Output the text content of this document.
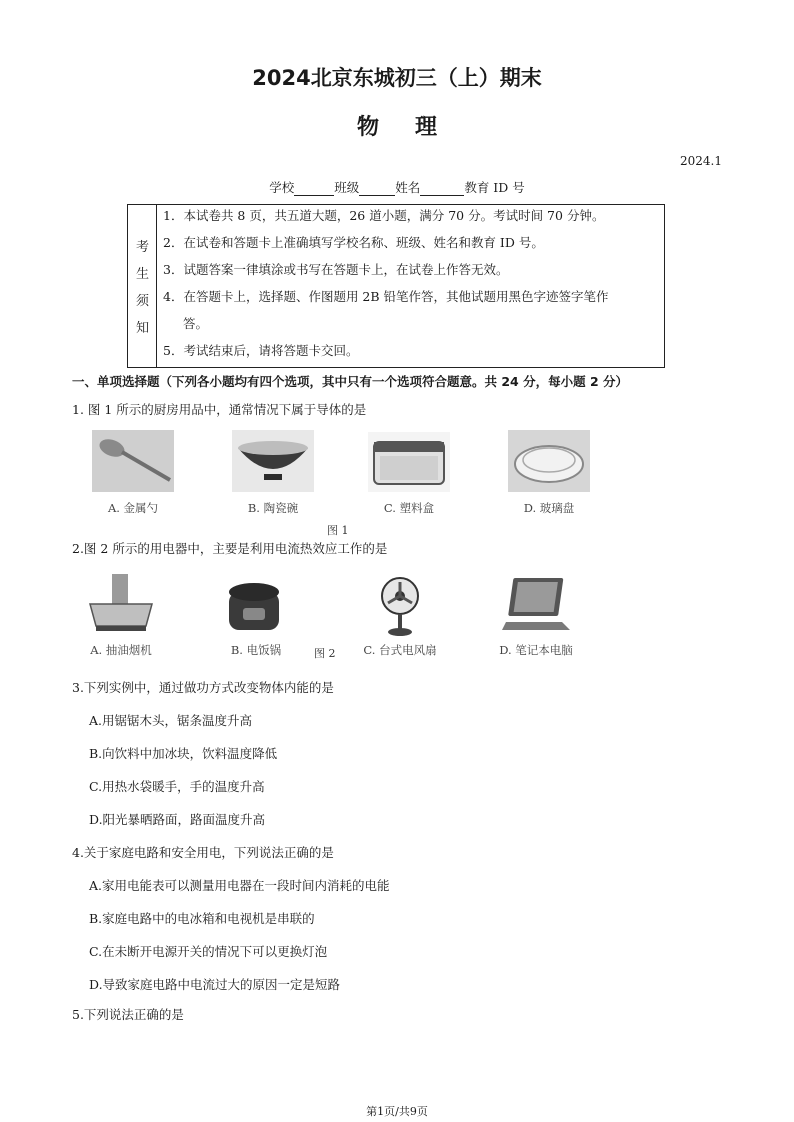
2024北京东城初三（上）期末
物理
2024.1
学校	班级	姓名	教育 ID 号
考
生
须
知
1．本试卷共 8 页，共五道大题，26 道小题，满分 70 分。考试时间 70 分钟。
2．在试卷和答题卡上准确填写学校名称、班级、姓名和教育 ID 号。
3．试题答案一律填涂或书写在答题卡上，在试卷上作答无效。
4．在答题卡上，选择题、作图题用 2B 铅笔作答，其他试题用黑色字迹签字笔作
答。
5．考试结束后，请将答题卡交回。
一、单项选择题（下列各小题均有四个选项，其中只有一个选项符合题意。共 24 分，每小题 2 分）
1. 图 1 所示的厨房用品中，通常情况下属于导体的是
A. 金属勺	B. 陶瓷碗	C. 塑料盒	D. 玻璃盘
图 1
2.图 2 所示的用电器中，主要是利用电流热效应工作的是
A. 抽油烟机	B. 电饭锅	图 2	C. 台式电风扇	D. 笔记本电脑
3.下列实例中，通过做功方式改变物体内能的是
A.用锯锯木头，锯条温度升高
B.向饮料中加冰块，饮料温度降低
C.用热水袋暖手，手的温度升高
D.阳光暴晒路面，路面温度升高
4.关于家庭电路和安全用电，下列说法正确的是
A.家用电能表可以测量用电器在一段时间内消耗的电能
B.家庭电路中的电冰箱和电视机是串联的
C.在未断开电源开关的情况下可以更换灯泡
D.导致家庭电路中电流过大的原因一定是短路
5.下列说法正确的是
第1页/共9页
